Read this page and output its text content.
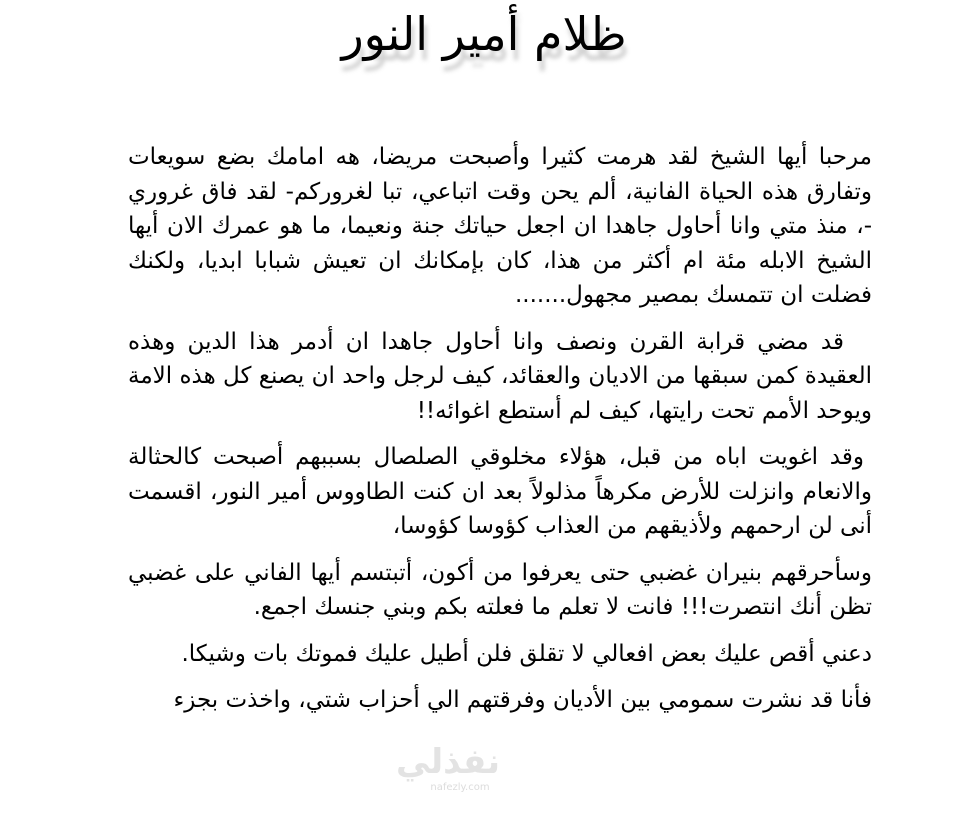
ظلام أمير النور

مرحبا أيها الشيخ لقد هرمت كثيرا وأصبحت مريضا، هه امامك بضع سويعات وتفارق هذه الحياة الفانية، ألم يحن وقت اتباعي، تبا لغروركم- لقد فاق غروري -، منذ متي وانا أحاول جاهدا ان اجعل حياتك جنة ونعيما، ما هو عمرك الان أيها الشيخ الابله مئة ام أكثر من هذا، كان بإمكانك ان تعيش شبابا ابديا، ولكنك فضلت ان تتمسك بمصير مجهول.......

قد مضي قرابة القرن ونصف وانا أحاول جاهدا ان أدمر هذا الدين وهذه العقيدة كمن سبقها من الاديان والعقائد، كيف لرجل واحد ان يصنع كل هذه الامة ويوحد الأمم تحت رايتها، كيف لم أستطع اغوائه!!

وقد اغويت اباه من قبل، هؤلاء مخلوقي الصلصال بسببهم أصبحت كالحثالة والانعام وانزلت للأرض مكرهاً مذلولاً بعد ان كنت الطاووس أمير النور، اقسمت أنى لن ارحمهم ولأذيقهم من العذاب كؤوسا كؤوسا،

وسأحرقهم بنيران غضبي حتى يعرفوا من أكون، أتبتسم أيها الفاني على غضبي تظن أنك انتصرت!!! فانت لا تعلم ما فعلته بكم وبني جنسك اجمع.

دعني أقص عليك بعض افعالي لا تقلق فلن أطيل عليك فموتك بات وشيكا.

فأنا قد نشرت سمومي بين الأديان وفرقتهم الي أحزاب شتي، واخذت بجزء

نفذلي
nafezly.com
